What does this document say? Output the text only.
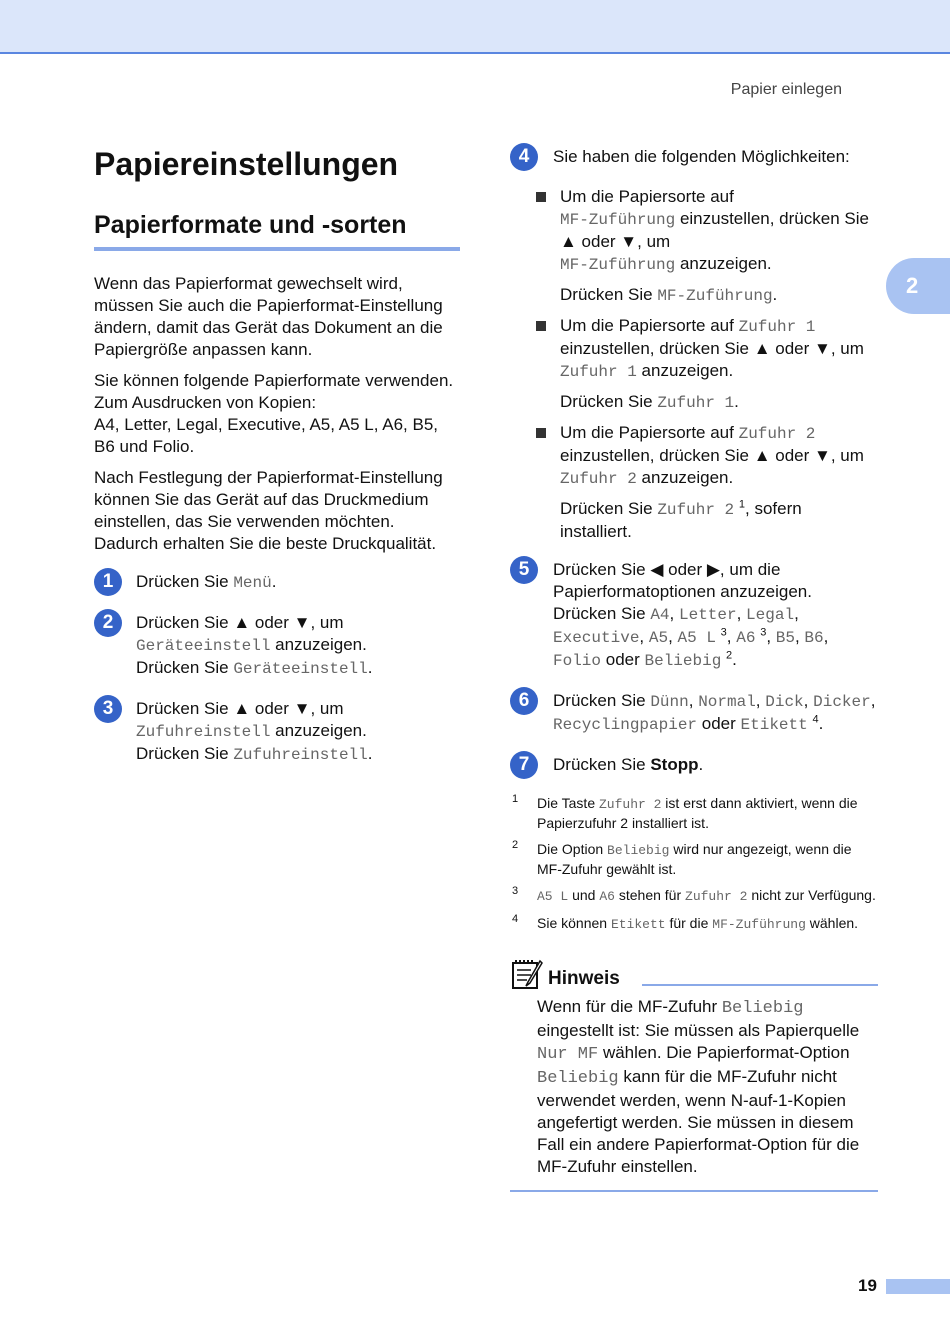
Papier einlegen
2
Papiereinstellungen
Papierformate und -sorten

Wenn das Papierformat gewechselt wird, müssen Sie auch die Papierformat-Einstellung ändern, damit das Gerät das Dokument an die Papiergröße anpassen kann.

Sie können folgende Papierformate verwenden.
Zum Ausdrucken von Kopien:
A4, Letter, Legal, Executive, A5, A5 L, A6, B5, B6 und Folio.

Nach Festlegung der Papierformat-Einstellung können Sie das Gerät auf das Druckmedium einstellen, das Sie verwenden möchten. Dadurch erhalten Sie die beste Druckqualität.

1	Drücken Sie Menü.
2	Drücken Sie ▲ oder ▼, um
Geräteeinstell anzuzeigen.
Drücken Sie Geräteeinstell.
3	Drücken Sie ▲ oder ▼, um
Zufuhreinstell anzuzeigen.
Drücken Sie Zufuhreinstell.
4	Sie haben die folgenden Möglichkeiten:
Um die Papiersorte auf
MF-Zuführung einzustellen, drücken Sie ▲ oder ▼, um
MF-Zuführung anzuzeigen.
Drücken Sie MF-Zuführung.
Um die Papiersorte auf Zufuhr 1 einzustellen, drücken Sie ▲ oder ▼, um Zufuhr 1 anzuzeigen.
Drücken Sie Zufuhr 1.
Um die Papiersorte auf Zufuhr 2 einzustellen, drücken Sie ▲ oder ▼, um Zufuhr 2 anzuzeigen.
Drücken Sie Zufuhr 2 $^1$, sofern installiert.
5	Drücken Sie ◀ oder ▶, um die Papierformatoptionen anzuzeigen.
Drücken Sie A4, Letter, Legal, Executive, A5, A5 L $^3$, A6 $^3$, B5, B6, Folio oder Beliebig $^2$.
6	Drücken Sie Dünn, Normal, Dick, Dicker, Recyclingpapier oder Etikett $^4$.
7	Drücken Sie Stopp.
1 Die Taste Zufuhr 2 ist erst dann aktiviert, wenn die Papierzufuhr 2 installiert ist.
2 Die Option Beliebig wird nur angezeigt, wenn die MF-Zufuhr gewählt ist.
3 A5 L und A6 stehen für Zufuhr 2 nicht zur Verfügung.
4 Sie können Etikett für die MF-Zuführung wählen.
Hinweis
Wenn für die MF-Zufuhr Beliebig eingestellt ist: Sie müssen als Papierquelle Nur MF wählen. Die Papierformat-Option Beliebig kann für die MF-Zufuhr nicht verwendet werden, wenn N-auf-1-Kopien angefertigt werden. Sie müssen in diesem Fall ein andere Papierformat-Option für die MF-Zufuhr einstellen.
19
